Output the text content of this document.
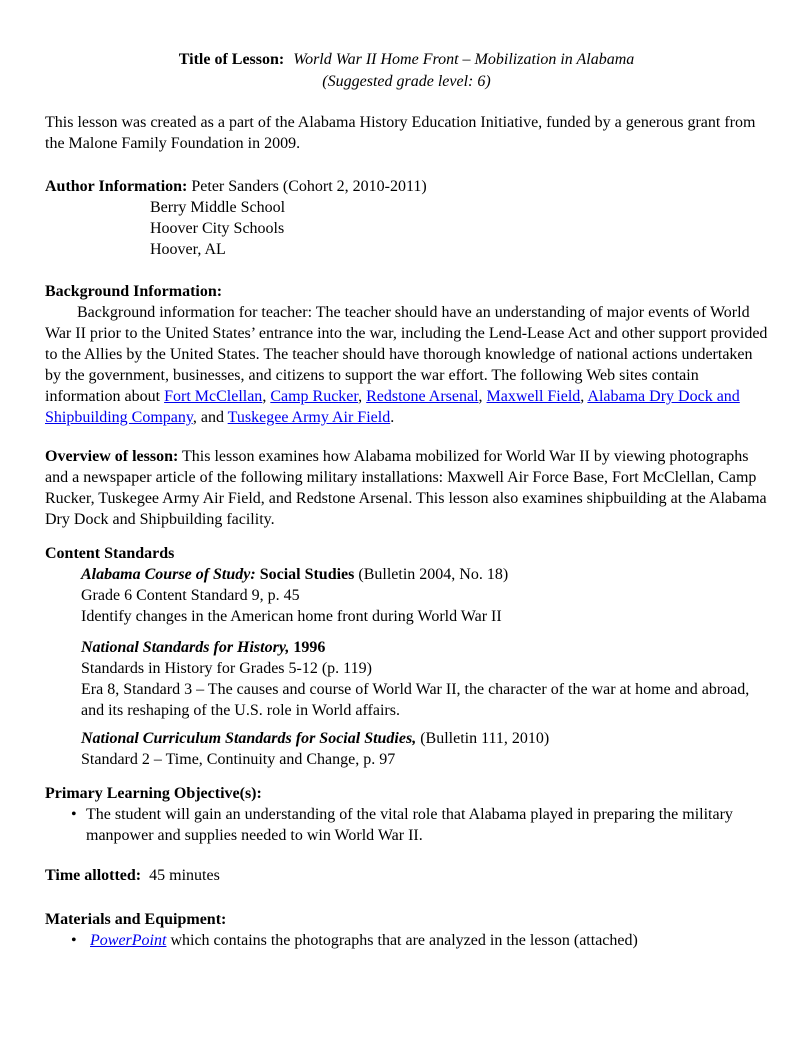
Title of Lesson: World War II Home Front – Mobilization in Alabama
(Suggested grade level: 6)

This lesson was created as a part of the Alabama History Education Initiative, funded by a generous grant from the Malone Family Foundation in 2009.

Author Information: Peter Sanders (Cohort 2, 2010-2011)

Berry Middle School

Hoover City Schools

Hoover, AL

Background Information:

Background information for teacher: The teacher should have an understanding of major events of World War II prior to the United States’ entrance into the war, including the Lend-Lease Act and other support provided to the Allies by the United States. The teacher should have thorough knowledge of national actions undertaken by the government, businesses, and citizens to support the war effort. The following Web sites contain information about Fort McClellan, Camp Rucker, Redstone Arsenal, Maxwell Field, Alabama Dry Dock and Shipbuilding Company, and Tuskegee Army Air Field.

Overview of lesson: This lesson examines how Alabama mobilized for World War II by viewing photographs and a newspaper article of the following military installations: Maxwell Air Force Base, Fort McClellan, Camp Rucker, Tuskegee Army Air Field, and Redstone Arsenal. This lesson also examines shipbuilding at the Alabama Dry Dock and Shipbuilding facility.

Content Standards

Alabama Course of Study: Social Studies (Bulletin 2004, No. 18)

Grade 6 Content Standard 9, p. 45

Identify changes in the American home front during World War II

National Standards for History, 1996

Standards in History for Grades 5-12 (p. 119)

Era 8, Standard 3 – The causes and course of World War II, the character of the war at home and abroad, and its reshaping of the U.S. role in World affairs.

National Curriculum Standards for Social Studies, (Bulletin 111, 2010)

Standard 2 – Time, Continuity and Change, p. 97

Primary Learning Objective(s):

• The student will gain an understanding of the vital role that Alabama played in preparing the military manpower and supplies needed to win World War II.

Time allotted: 45 minutes

Materials and Equipment:

• PowerPoint which contains the photographs that are analyzed in the lesson (attached)
